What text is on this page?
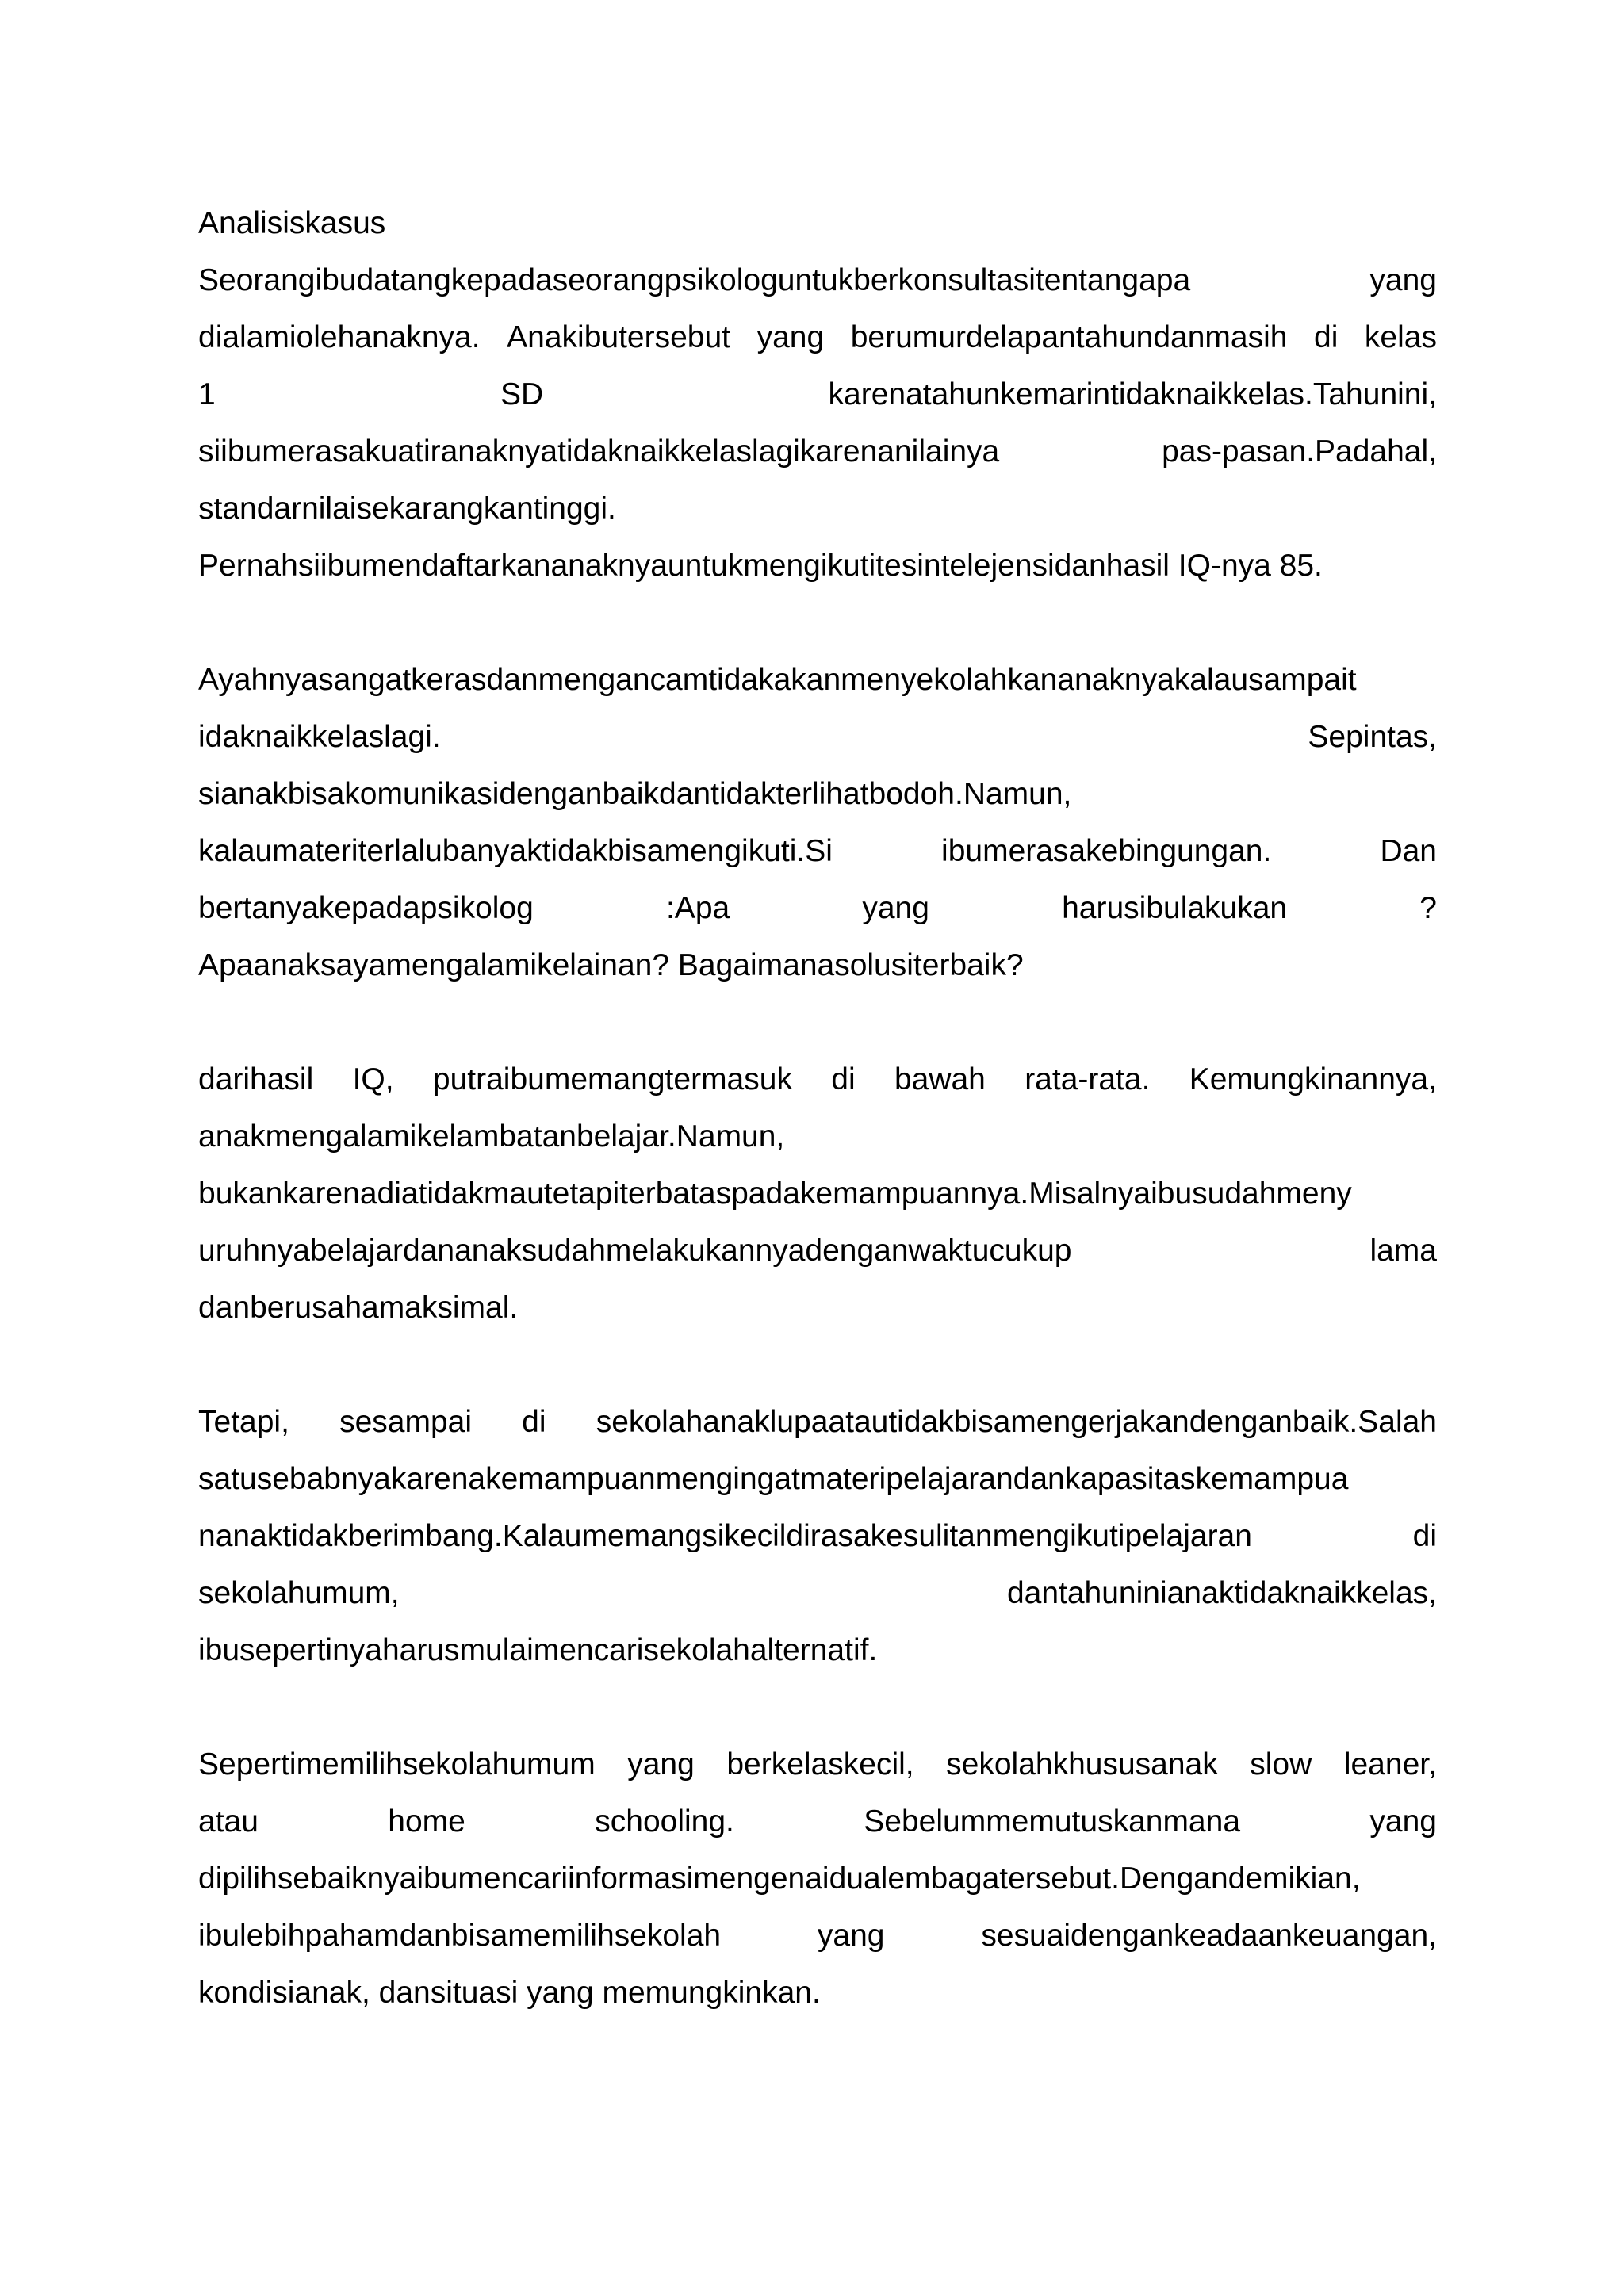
Analisiskasus
Seorangibudatangkepadaseorangpsikologuntukberkonsultasitentangapa	yang
dialamiolehanaknya. Anakibutersebut yang berumurdelapantahundanmasih di kelas
1	SD	karenatahunkemarintidaknaikkelas.Tahunini,
siibumerasakuatiranaknyatidaknaikkelaslagikarenanilainya	pas-pasan.Padahal,
standarnilaisekarangkantinggi.
Pernahsiibumendaftarkananaknyauntukmengikutitesintelejensidanhasil IQ-nya 85.
Ayahnyasangatkerasdanmengancamtidakakanmenyekolahkananaknyakalausampait
idaknaikkelaslagi.	Sepintas,
sianakbisakomunikasidenganbaikdantidakterlihatbodoh.Namun,
kalaumateriterlalubanyaktidakbisamengikuti.Si	ibumerasakebingungan.	Dan
bertanyakepadapsikolog	:Apa	yang	harusibulakukan	?
Apaanaksayamengalamikelainan? Bagaimanasolusiterbaik?
darihasil IQ, putraibumemangtermasuk di bawah rata-rata. Kemungkinannya,
anakmengalamikelambatanbelajar.Namun,
bukankarenadiatidakmautetapiterbataspadakemampuannya.Misalnyaibusudahmeny
uruhnyabelajardananaksudahmelakukannyadenganwaktucukup	lama
danberusahamaksimal.
Tetapi, sesampai di sekolahanaklupaatautidakbisamengerjakandenganbaik.Salah
satusebabnyakarenakemampuanmengingatmateripelajarandankapasitaskemampua
nanaktidakberimbang.Kalaumemangsikecildirasakesulitanmengikutipelajaran	di
sekolahumum,	dantahuninianaktidaknaikkelas,
ibusepertinyaharusmulaimencarisekolahalternatif.
Sepertimemilihsekolahumum yang berkelaskecil, sekolahkhususanak slow leaner,
atau	home	schooling.	Sebelummemutuskanmana	yang
dipilihsebaiknyaibumencariinformasimengenaidualembagatersebut.Dengandemikian,
ibulebihpahamdanbisamemilihsekolah	yang	sesuaidengankeadaankeuangan,
kondisianak, dansituasi yang memungkinkan.
